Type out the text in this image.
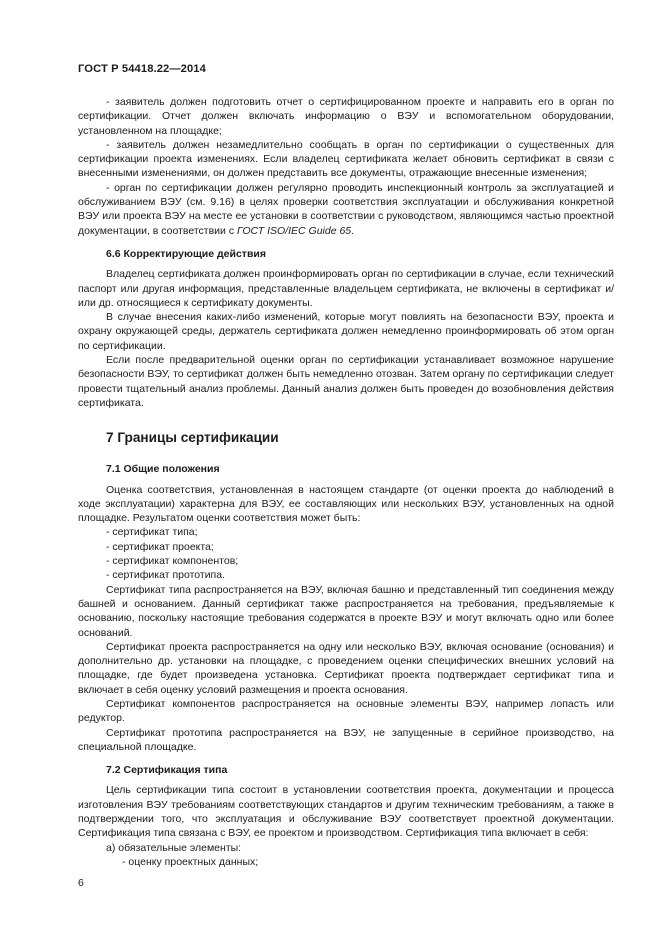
ГОСТ Р 54418.22—2014

- заявитель должен подготовить отчет о сертифицированном проекте и направить его в орган по сертификации. Отчет должен включать информацию о ВЭУ и вспомогательном оборудовании, установленном на площадке;

- заявитель должен незамедлительно сообщать в орган по сертификации о существенных для сертификации проекта изменениях. Если владелец сертификата желает обновить сертификат в связи с внесенными изменениями, он должен представить все документы, отражающие внесенные изменения;

- орган по сертификации должен регулярно проводить инспекционный контроль за эксплуатацией и обслуживанием ВЭУ (см. 9.16) в целях проверки соответствия эксплуатации и обслуживания конкретной ВЭУ или проекта ВЭУ на месте ее установки в соответствии с руководством, являющимся частью проектной документации, в соответствии с ГОСТ ISO/IEC Guide 65.

6.6 Корректирующие действия

Владелец сертификата должен проинформировать орган по сертификации в случае, если технический паспорт или другая информация, представленные владельцем сертификата, не включены в сертификат и/или др. относящиеся к сертификату документы.

В случае внесения каких-либо изменений, которые могут повлиять на безопасности ВЭУ, проекта и охрану окружающей среды, держатель сертификата должен немедленно проинформировать об этом орган по сертификации.

Если после предварительной оценки орган по сертификации устанавливает возможное нарушение безопасности ВЭУ, то сертификат должен быть немедленно отозван. Затем органу по сертификации следует провести тщательный анализ проблемы. Данный анализ должен быть проведен до возобновления действия сертификата.

7 Границы сертификации
7.1 Общие положения

Оценка соответствия, установленная в настоящем стандарте (от оценки проекта до наблюдений в ходе эксплуатации) характерна для ВЭУ, ее составляющих или нескольких ВЭУ, установленных на одной площадке. Результатом оценки соответствия может быть:

- сертификат типа;

- сертификат проекта;

- сертификат компонентов;

- сертификат прототипа.

Сертификат типа распространяется на ВЭУ, включая башню и представленный тип соединения между башней и основанием. Данный сертификат также распространяется на требования, предъявляемые к основанию, поскольку настоящие требования содержатся в проекте ВЭУ и могут включать одно или более оснований.

Сертификат проекта распространяется на одну или несколько ВЭУ, включая основание (основания) и дополнительно др. установки на площадке, с проведением оценки специфических внешних условий на площадке, где будет произведена установка. Сертификат проекта подтверждает сертификат типа и включает в себя оценку условий размещения и проекта основания.

Сертификат компонентов распространяется на основные элементы ВЭУ, например лопасть или редуктор.

Сертификат прототипа распространяется на ВЭУ, не запущенные в серийное производство, на специальной площадке.

7.2 Сертификация типа

Цель сертификации типа состоит в установлении соответствия проекта, документации и процесса изготовления ВЭУ требованиям соответствующих стандартов и другим техническим требованиям, а также в подтверждении того, что эксплуатация и обслуживание ВЭУ соответствует проектной документации. Сертификация типа связана с ВЭУ, ее проектом и производством. Сертификация типа включает в себя:

а) обязательные элементы:

- оценку проектных данных;

6
